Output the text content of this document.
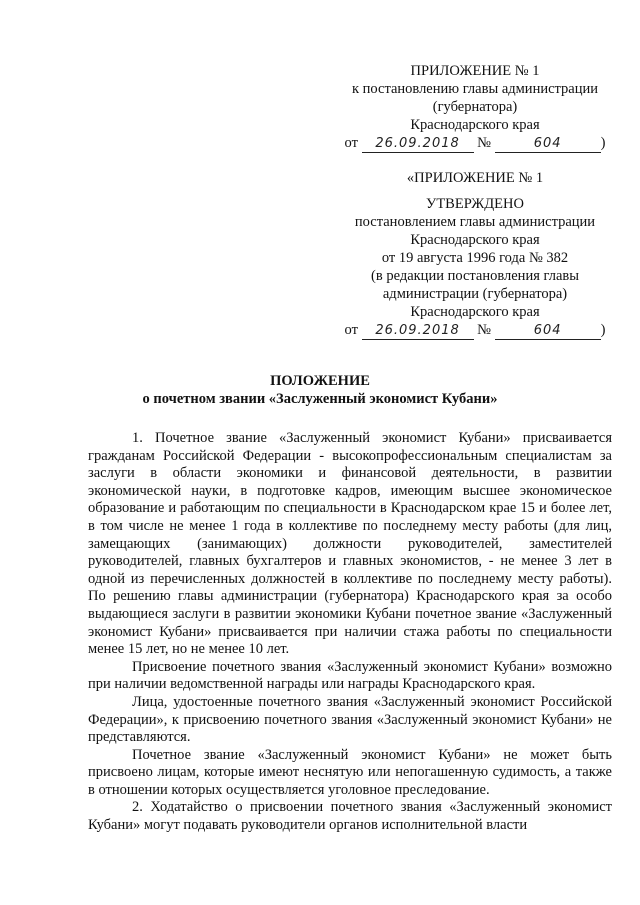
ПРИЛОЖЕНИЕ № 1
к постановлению главы администрации
(губернатора)
Краснодарского края
от 26.09.2018 №	604	)
«ПРИЛОЖЕНИЕ № 1
УТВЕРЖДЕНО
постановлением главы администрации
Краснодарского края
от 19 августа 1996 года № 382
(в редакции постановления главы
администрации (губернатора)
Краснодарского края
от 26.09.2018 №	604	)
ПОЛОЖЕНИЕ
о почетном звании «Заслуженный экономист Кубани»

1. Почетное звание «Заслуженный экономист Кубани» присваивается гражданам Российской Федерации - высокопрофессиональным специалистам за заслуги в области экономики и финансовой деятельности, в развитии экономической науки, в подготовке кадров, имеющим высшее экономическое образование и работающим по специальности в Краснодарском крае 15 и более лет, в том числе не менее 1 года в коллективе по последнему месту работы (для лиц, замещающих (занимающих) должности руководителей, заместителей руководителей, главных бухгалтеров и главных экономистов, - не менее 3 лет в одной из перечисленных должностей в коллективе по последнему месту работы). По решению главы администрации (губернатора) Краснодарского края за особо выдающиеся заслуги в развитии экономики Кубани почетное звание «Заслуженный экономист Кубани» присваивается при наличии стажа работы по специальности менее 15 лет, но не менее 10 лет.

Присвоение почетного звания «Заслуженный экономист Кубани» возможно при наличии ведомственной награды или награды Краснодарского края.

Лица, удостоенные почетного звания «Заслуженный экономист Российской Федерации», к присвоению почетного звания «Заслуженный экономист Кубани» не представляются.

Почетное звание «Заслуженный экономист Кубани» не может быть присвоено лицам, которые имеют неснятую или непогашенную судимость, а также в отношении которых осуществляется уголовное преследование.

2. Ходатайство о присвоении почетного звания «Заслуженный экономист Кубани» могут подавать руководители органов исполнительной власти
